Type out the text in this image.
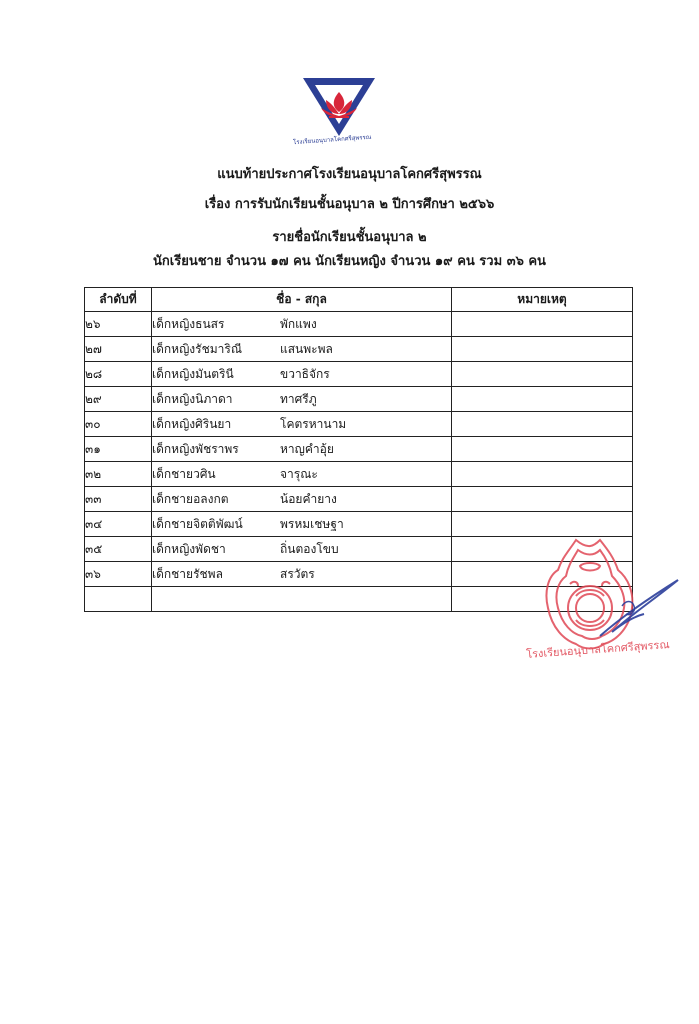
โรงเรียนอนุบาลโคกศรีสุพรรณ
แนบท้ายประกาศโรงเรียนอนุบาลโคกศรีสุพรรณ
เรื่อง การรับนักเรียนชั้นอนุบาล ๒ ปีการศึกษา ๒๕๖๖
รายชื่อนักเรียนชั้นอนุบาล ๒
นักเรียนชาย จำนวน ๑๗ คน นักเรียนหญิง จำนวน ๑๙ คน รวม ๓๖ คน
ลำดับที่	ชื่อ - สกุล	หมายเหตุ
๒๖	เด็กหญิงธนสร พักแพง	
๒๗	เด็กหญิงรัชมาริณี แสนพะพล	
๒๘	เด็กหญิงมันตรินี ขวาธิจักร	
๒๙	เด็กหญิงนิภาดา ทาศรีภู	
๓๐	เด็กหญิงศิรินยา โคตรหานาม	
๓๑	เด็กหญิงพัชราพร หาญคำอุ้ย	
๓๒	เด็กชายวศิน จารุณะ	
๓๓	เด็กชายอลงกต น้อยคำยาง	
๓๔	เด็กชายจิตติพัฒน์ พรหมเชษฐา	
๓๕	เด็กหญิงพัดชา ถิ่นตองโขบ	
๓๖	เด็กชายรัชพล สรวัตร	

โรงเรียนอนุบาลโคกศรีสุพรรณ
